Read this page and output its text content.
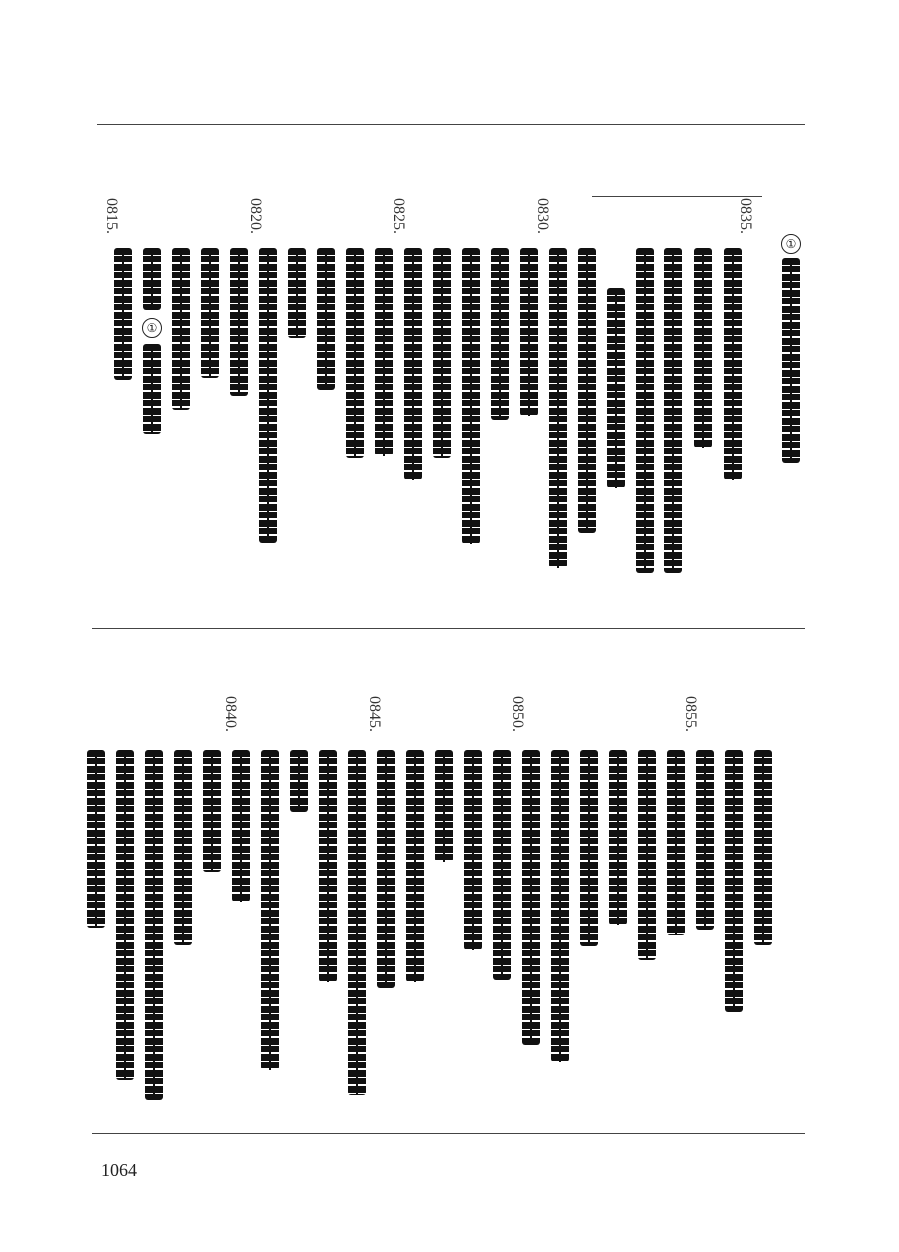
①
0835.
0830.
0825.
0820.
0815.
①
0855.
0850.
0845.
0840.
1064
